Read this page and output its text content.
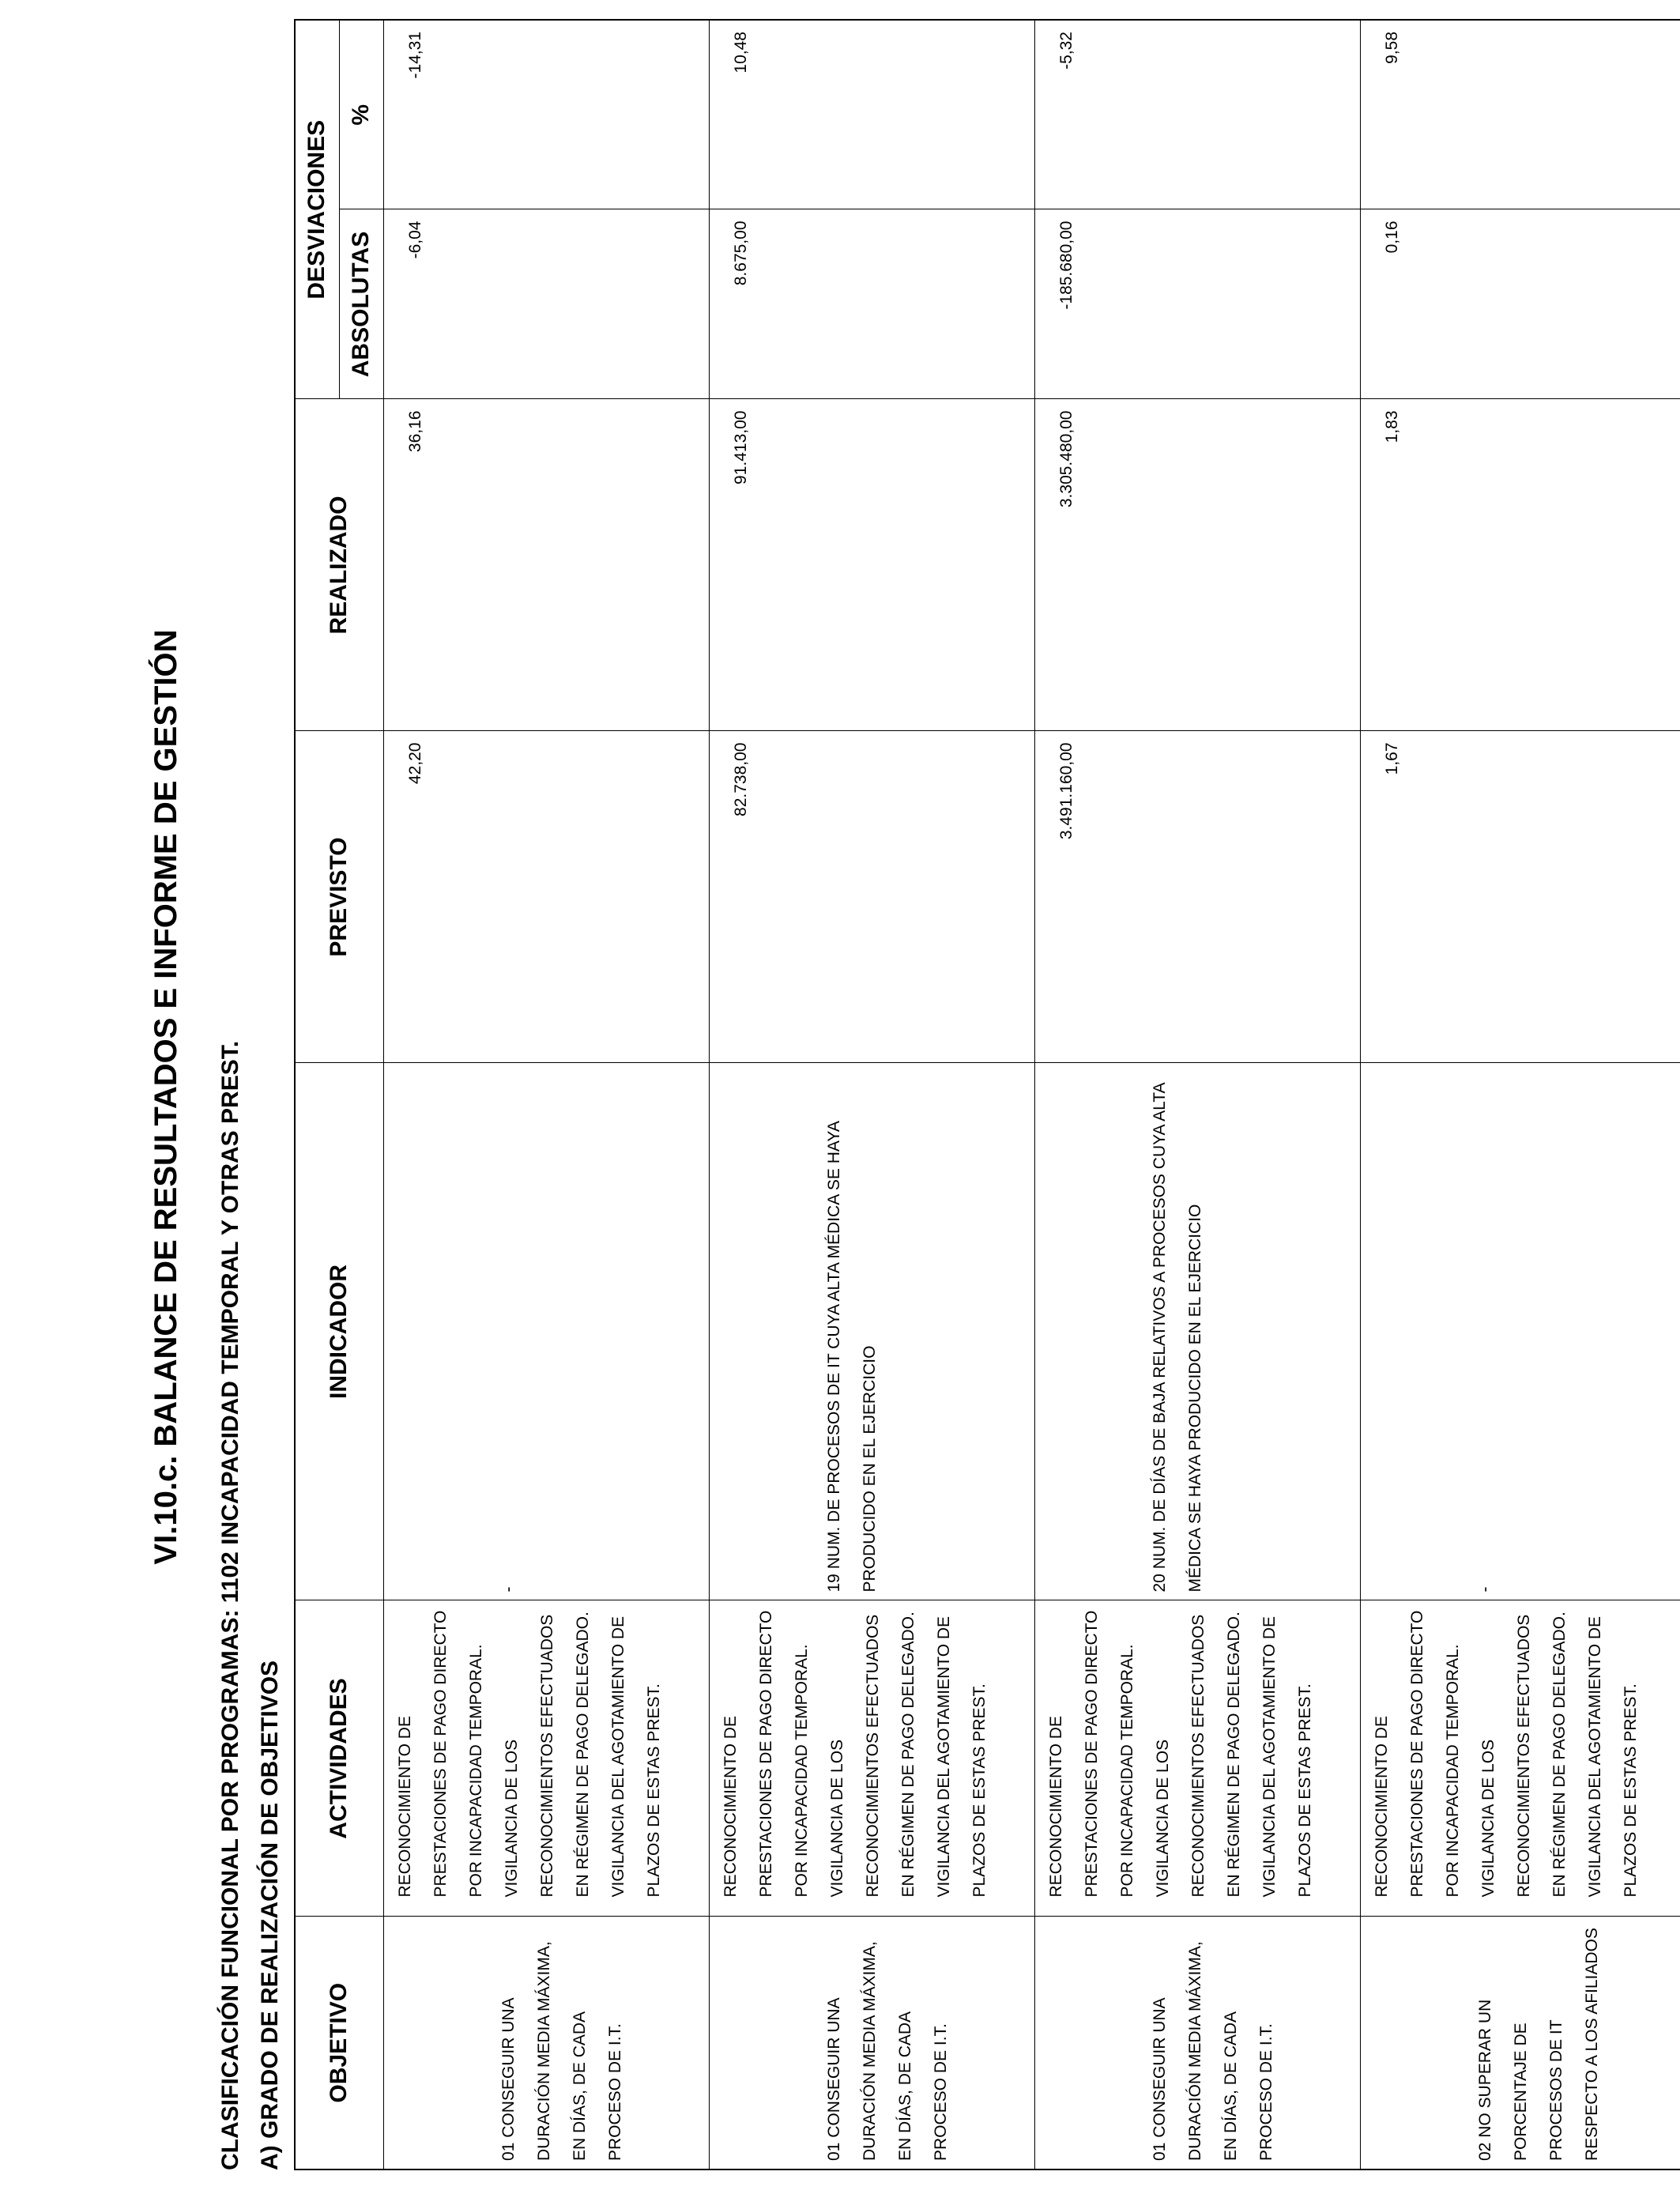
VI.10.c. BALANCE DE RESULTADOS E INFORME DE GESTIÓN CLASIFICACIÓN FUNCIONAL POR PROGRAMAS: 1102 INCAPACIDAD TEMPORAL Y OTRAS PREST. A) GRADO DE REALIZACIÓN DE OBJETIVOS OBJETIVO	ACTIVIDADES	INDICADOR	PREVISTO	REALIZADO	DESVIACIONES	
					ABSOLUTAS	%
01 CONSEGUIR UNA DURACIÓN MEDIA MÁXIMA, EN DÍAS, DE CADA PROCESO DE I.T.	RECONOCIMIENTO DE PRESTACIONES DE PAGO DIRECTO POR INCAPACIDAD TEMPORAL. VIGILANCIA DE LOS RECONOCIMIENTOS EFECTUADOS EN RÉGIMEN DE PAGO DELEGADO. VIGILANCIA DEL AGOTAMIENTO DE PLAZOS DE ESTAS PREST.	-	42,20	36,16	-6,04	-14,31
01 CONSEGUIR UNA DURACIÓN MEDIA MÁXIMA, EN DÍAS, DE CADA PROCESO DE I.T.	RECONOCIMIENTO DE PRESTACIONES DE PAGO DIRECTO POR INCAPACIDAD TEMPORAL. VIGILANCIA DE LOS RECONOCIMIENTOS EFECTUADOS EN RÉGIMEN DE PAGO DELEGADO. VIGILANCIA DEL AGOTAMIENTO DE PLAZOS DE ESTAS PREST.	19 NUM. DE PROCESOS DE IT CUYA ALTA MÉDICA SE HAYA PRODUCIDO EN EL EJERCICIO	82.738,00	91.413,00	8.675,00	10,48
01 CONSEGUIR UNA DURACIÓN MEDIA MÁXIMA, EN DÍAS, DE CADA PROCESO DE I.T.	RECONOCIMIENTO DE PRESTACIONES DE PAGO DIRECTO POR INCAPACIDAD TEMPORAL. VIGILANCIA DE LOS RECONOCIMIENTOS EFECTUADOS EN RÉGIMEN DE PAGO DELEGADO. VIGILANCIA DEL AGOTAMIENTO DE PLAZOS DE ESTAS PREST.	20 NUM. DE DÍAS DE BAJA RELATIVOS A PROCESOS CUYA ALTA MÉDICA SE HAYA PRODUCIDO EN EL EJERCICIO	3.491.160,00	3.305.480,00	-185.680,00	-5,32
02 NO SUPERAR UN PORCENTAJE DE PROCESOS DE IT RESPECTO A LOS AFILIADOS	RECONOCIMIENTO DE PRESTACIONES DE PAGO DIRECTO POR INCAPACIDAD TEMPORAL. VIGILANCIA DE LOS RECONOCIMIENTOS EFECTUADOS EN RÉGIMEN DE PAGO DELEGADO. VIGILANCIA DEL AGOTAMIENTO DE PLAZOS DE ESTAS PREST.	-	1,67	1,83	0,16	9,58
